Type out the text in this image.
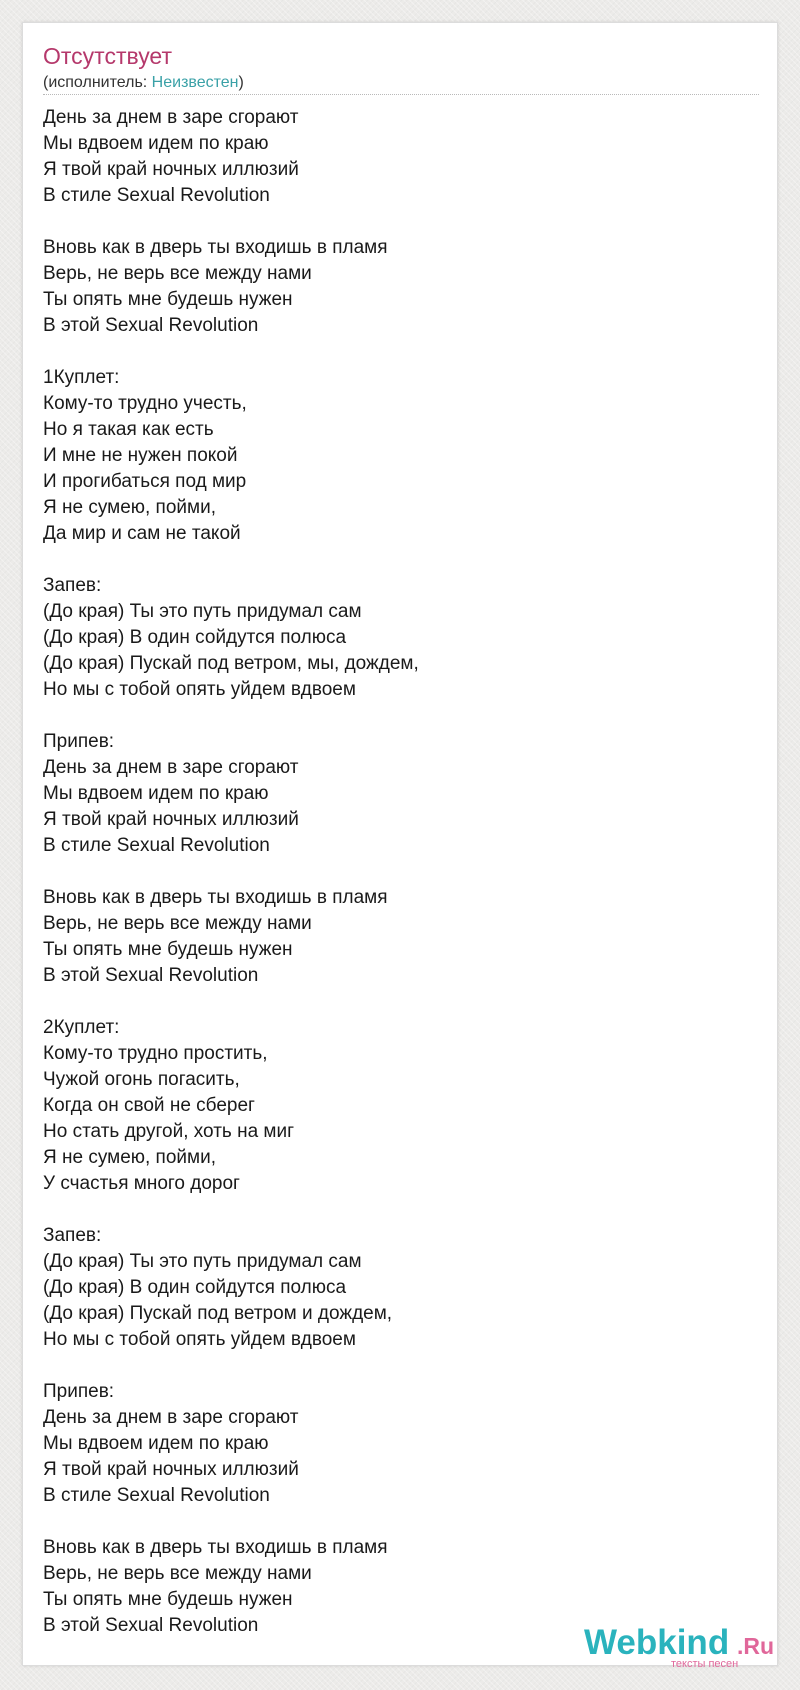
Отсутствует
(исполнитель: Неизвестен)
День за днем в заре сгорают
Мы вдвоем идем по краю
Я твой край ночных иллюзий
В стиле Sexual Revolution
Вновь как в дверь ты входишь в пламя
Верь, не верь все между нами
Ты опять мне будешь нужен
В этой Sexual Revolution
1Куплет:
Кому-то трудно учесть,
Но я такая как есть
И мне не нужен покой
И прогибаться под мир
Я не сумею, пойми,
Да мир и сам не такой
Запев:
(До края) Ты это путь придумал сам
(До края) В один сойдутся полюса
(До края) Пускай под ветром, мы, дождем,
Но мы с тобой опять уйдем вдвоем
Припев:
День за днем в заре сгорают
Мы вдвоем идем по краю
Я твой край ночных иллюзий
В стиле Sexual Revolution
Вновь как в дверь ты входишь в пламя
Верь, не верь все между нами
Ты опять мне будешь нужен
В этой Sexual Revolution
2Куплет:
Кому-то трудно простить,
Чужой огонь погасить,
Когда он свой не сберег
Но стать другой, хоть на миг
Я не сумею, пойми,
У счастья много дорог
Запев:
(До края) Ты это путь придумал сам
(До края) В один сойдутся полюса
(До края) Пускай под ветром и дождем,
Но мы с тобой опять уйдем вдвоем
Припев:
День за днем в заре сгорают
Мы вдвоем идем по краю
Я твой край ночных иллюзий
В стиле Sexual Revolution
Вновь как в дверь ты входишь в пламя
Верь, не верь все между нами
Ты опять мне будешь нужен
В этой Sexual Revolution	Webkind .Ru
тексты песен
